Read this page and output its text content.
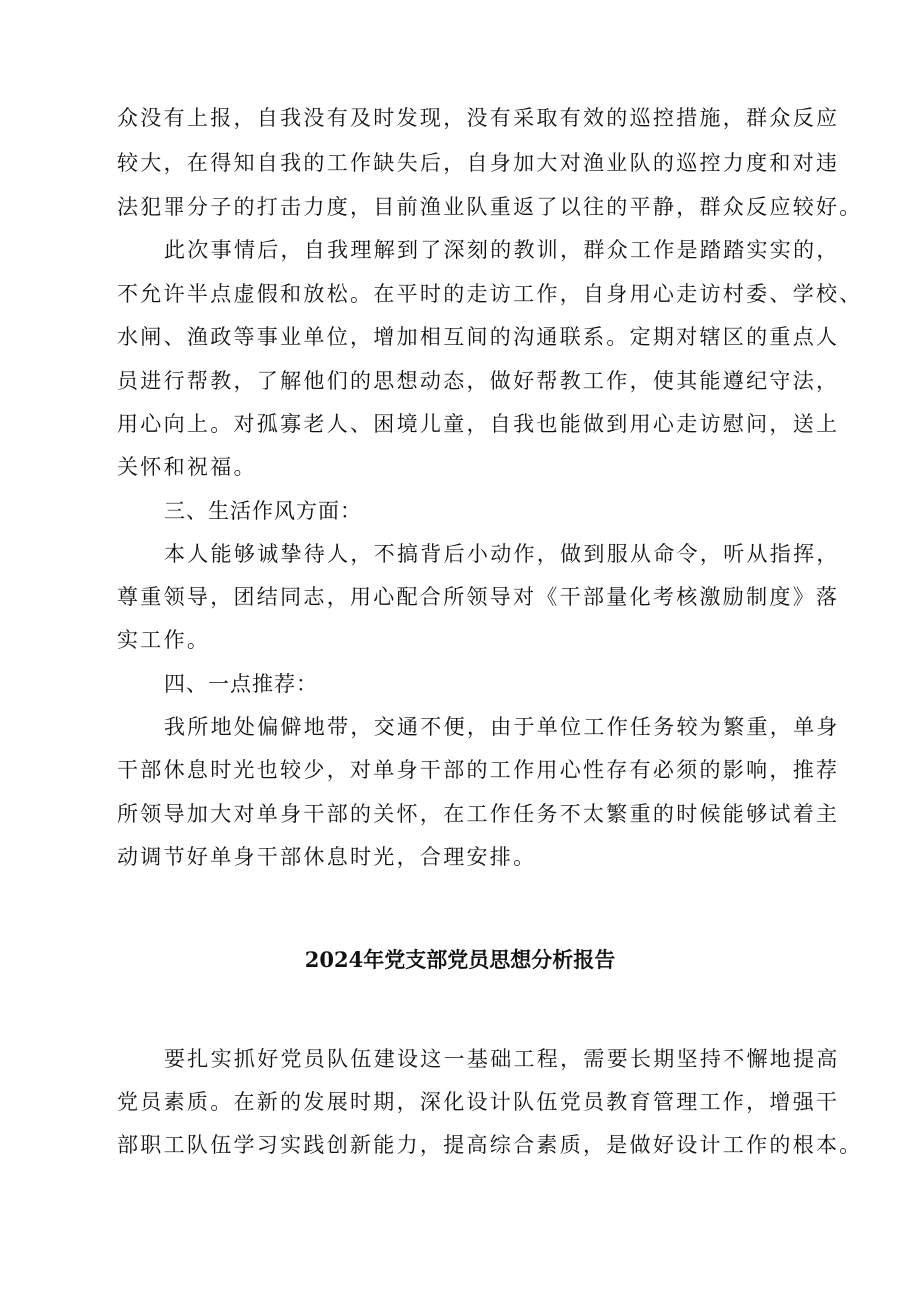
众没有上报，自我没有及时发现，没有采取有效的巡控措施，群众反应
较大，在得知自我的工作缺失后，自身加大对渔业队的巡控力度和对违
法犯罪分子的打击力度，目前渔业队重返了以往的平静，群众反应较好。
此次事情后，自我理解到了深刻的教训，群众工作是踏踏实实的，
不允许半点虚假和放松。在平时的走访工作，自身用心走访村委、学校、
水闸、渔政等事业单位，增加相互间的沟通联系。定期对辖区的重点人
员进行帮教，了解他们的思想动态，做好帮教工作，使其能遵纪守法，
用心向上。对孤寡老人、困境儿童，自我也能做到用心走访慰问，送上
关怀和祝福。
三、生活作风方面：
本人能够诚挚待人，不搞背后小动作，做到服从命令，听从指挥，
尊重领导，团结同志，用心配合所领导对《干部量化考核激励制度》落
实工作。
四、一点推荐：
我所地处偏僻地带，交通不便，由于单位工作任务较为繁重，单身
干部休息时光也较少，对单身干部的工作用心性存有必须的影响，推荐
所领导加大对单身干部的关怀，在工作任务不太繁重的时候能够试着主
动调节好单身干部休息时光，合理安排。
2024年党支部党员思想分析报告
要扎实抓好党员队伍建设这一基础工程，需要长期坚持不懈地提高
党员素质。在新的发展时期，深化设计队伍党员教育管理工作，增强干
部职工队伍学习实践创新能力，提高综合素质，是做好设计工作的根本。
